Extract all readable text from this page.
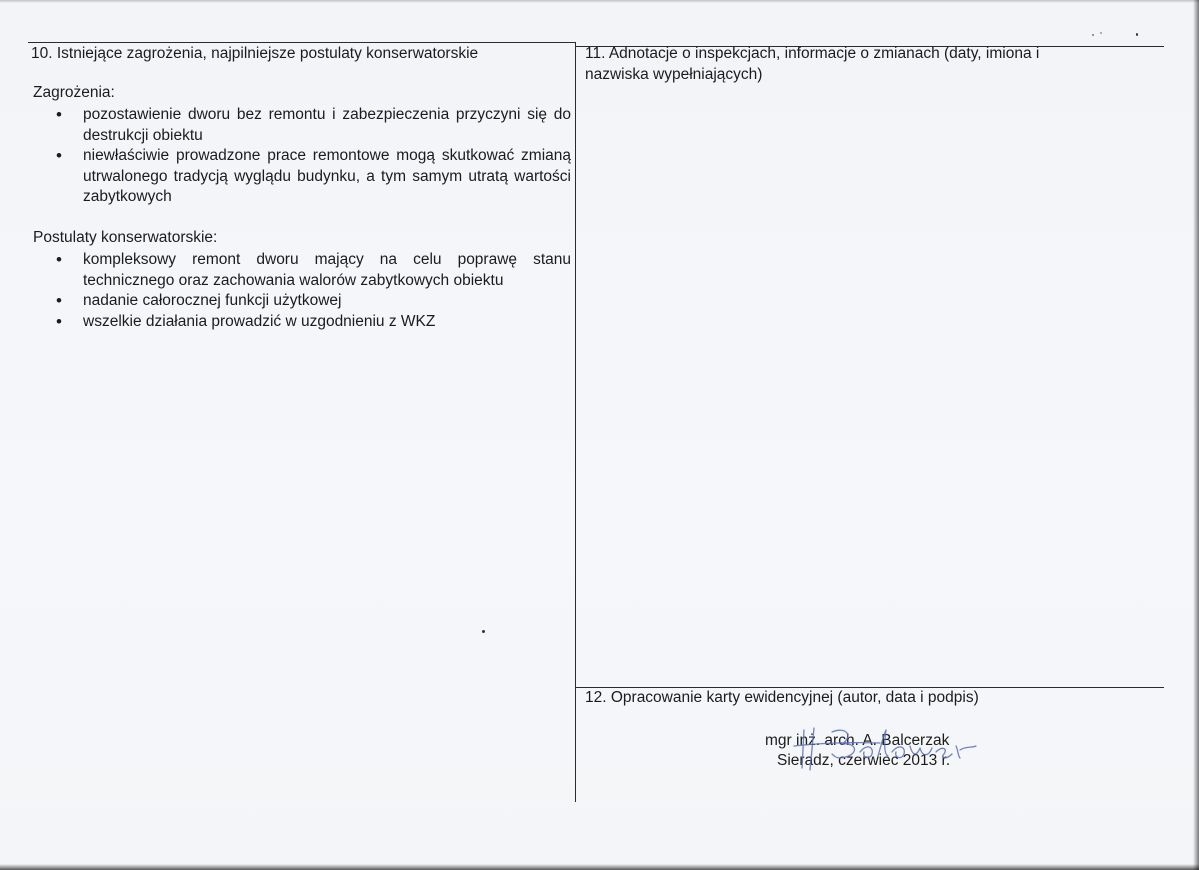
10. Istniejące zagrożenia, najpilniejsze postulaty konserwatorskie

Zagrożenia:

• pozostawienie dworu bez remontu i zabezpieczenia przyczyni się do destrukcji obiektu
• niewłaściwie prowadzone prace remontowe mogą skutkować zmianą utrwalonego tradycją wyglądu budynku, a tym samym utratą wartości zabytkowych

Postulaty konserwatorskie:

• kompleksowy remont dworu mający na celu poprawę stanu technicznego oraz zachowania walorów zabytkowych obiektu
• nadanie całorocznej funkcji użytkowej
• wszelkie działania prowadzić w uzgodnieniu z WKZ
11. Adnotacje o inspekcjach, informacje o zmianach (daty, imiona i nazwiska wypełniających)
12. Opracowanie karty ewidencyjnej (autor, data i podpis)
mgr inż. arch. A. Balcerzak
Sieradz, czerwiec 2013 r.
